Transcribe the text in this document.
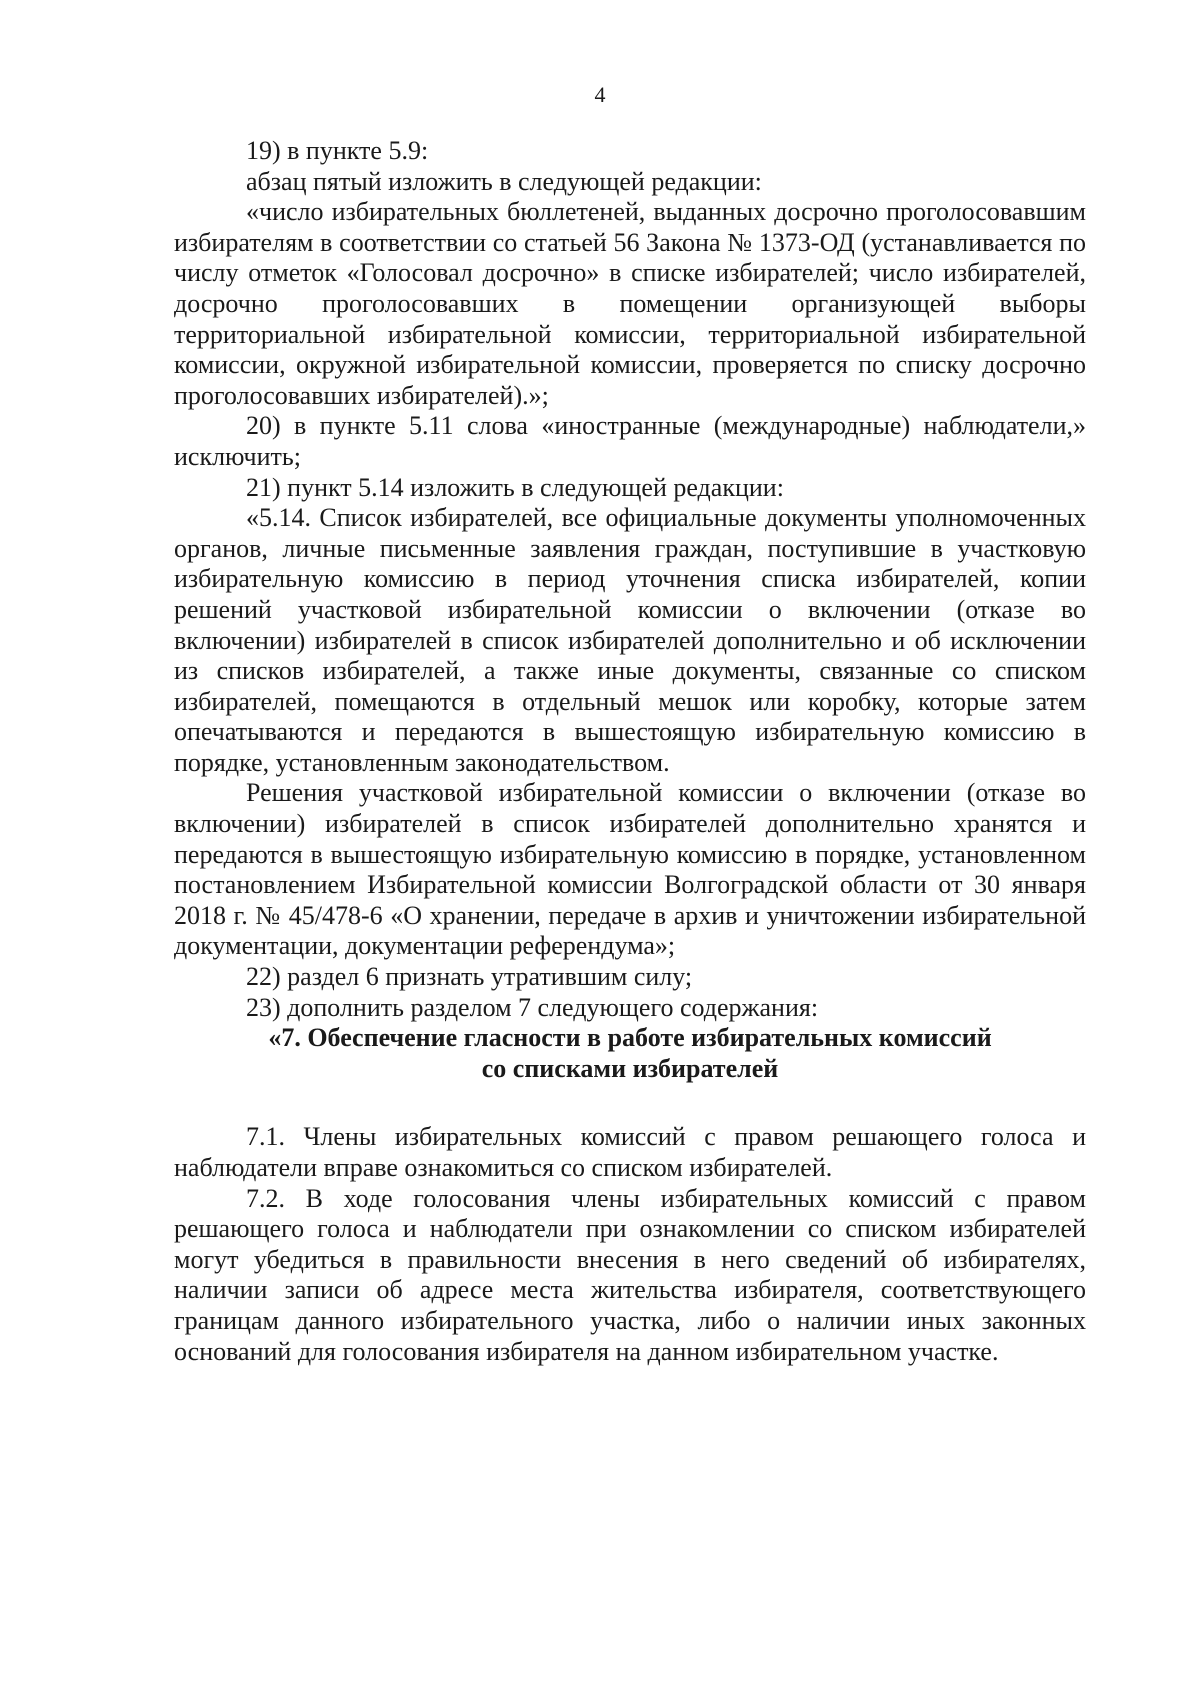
4

19) в пункте 5.9:

абзац пятый изложить в следующей редакции:

«число избирательных бюллетеней, выданных досрочно проголосовавшим избирателям в соответствии со статьей 56 Закона № 1373-ОД (устанавливается по числу отметок «Голосовал досрочно» в списке избирателей; число избирателей, досрочно проголосовавших в помещении организующей выборы территориальной избирательной комиссии, территориальной избирательной комиссии, окружной избирательной комиссии, проверяется по списку досрочно проголосовавших избирателей).»;

20) в пункте 5.11 слова «иностранные (международные) наблюдатели,» исключить;

21) пункт 5.14 изложить в следующей редакции:

«5.14. Список избирателей, все официальные документы уполномоченных органов, личные письменные заявления граждан, поступившие в участковую избирательную комиссию в период уточнения списка избирателей, копии решений участковой избирательной комиссии о включении (отказе во включении) избирателей в список избирателей дополнительно и об исключении из списков избирателей, а также иные документы, связанные со списком избирателей, помещаются в отдельный мешок или коробку, которые затем опечатываются и передаются в вышестоящую избирательную комиссию в порядке, установленным законодательством.

Решения участковой избирательной комиссии о включении (отказе во включении) избирателей в список избирателей дополнительно хранятся и передаются в вышестоящую избирательную комиссию в порядке, установленном постановлением Избирательной комиссии Волгоградской области от 30 января 2018 г. № 45/478-6 «О хранении, передаче в архив и уничтожении избирательной документации, документации референдума»;

22) раздел 6 признать утратившим силу;

23) дополнить разделом 7 следующего содержания:

«7. Обеспечение гласности в работе избирательных комиссий

со списками избирателей

7.1. Члены избирательных комиссий с правом решающего голоса и наблюдатели вправе ознакомиться со списком избирателей.

7.2. В ходе голосования члены избирательных комиссий с правом решающего голоса и наблюдатели при ознакомлении со списком избирателей могут убедиться в правильности внесения в него сведений об избирателях, наличии записи об адресе места жительства избирателя, соответствующего границам данного избирательного участка, либо о наличии иных законных оснований для голосования избирателя на данном избирательном участке.
